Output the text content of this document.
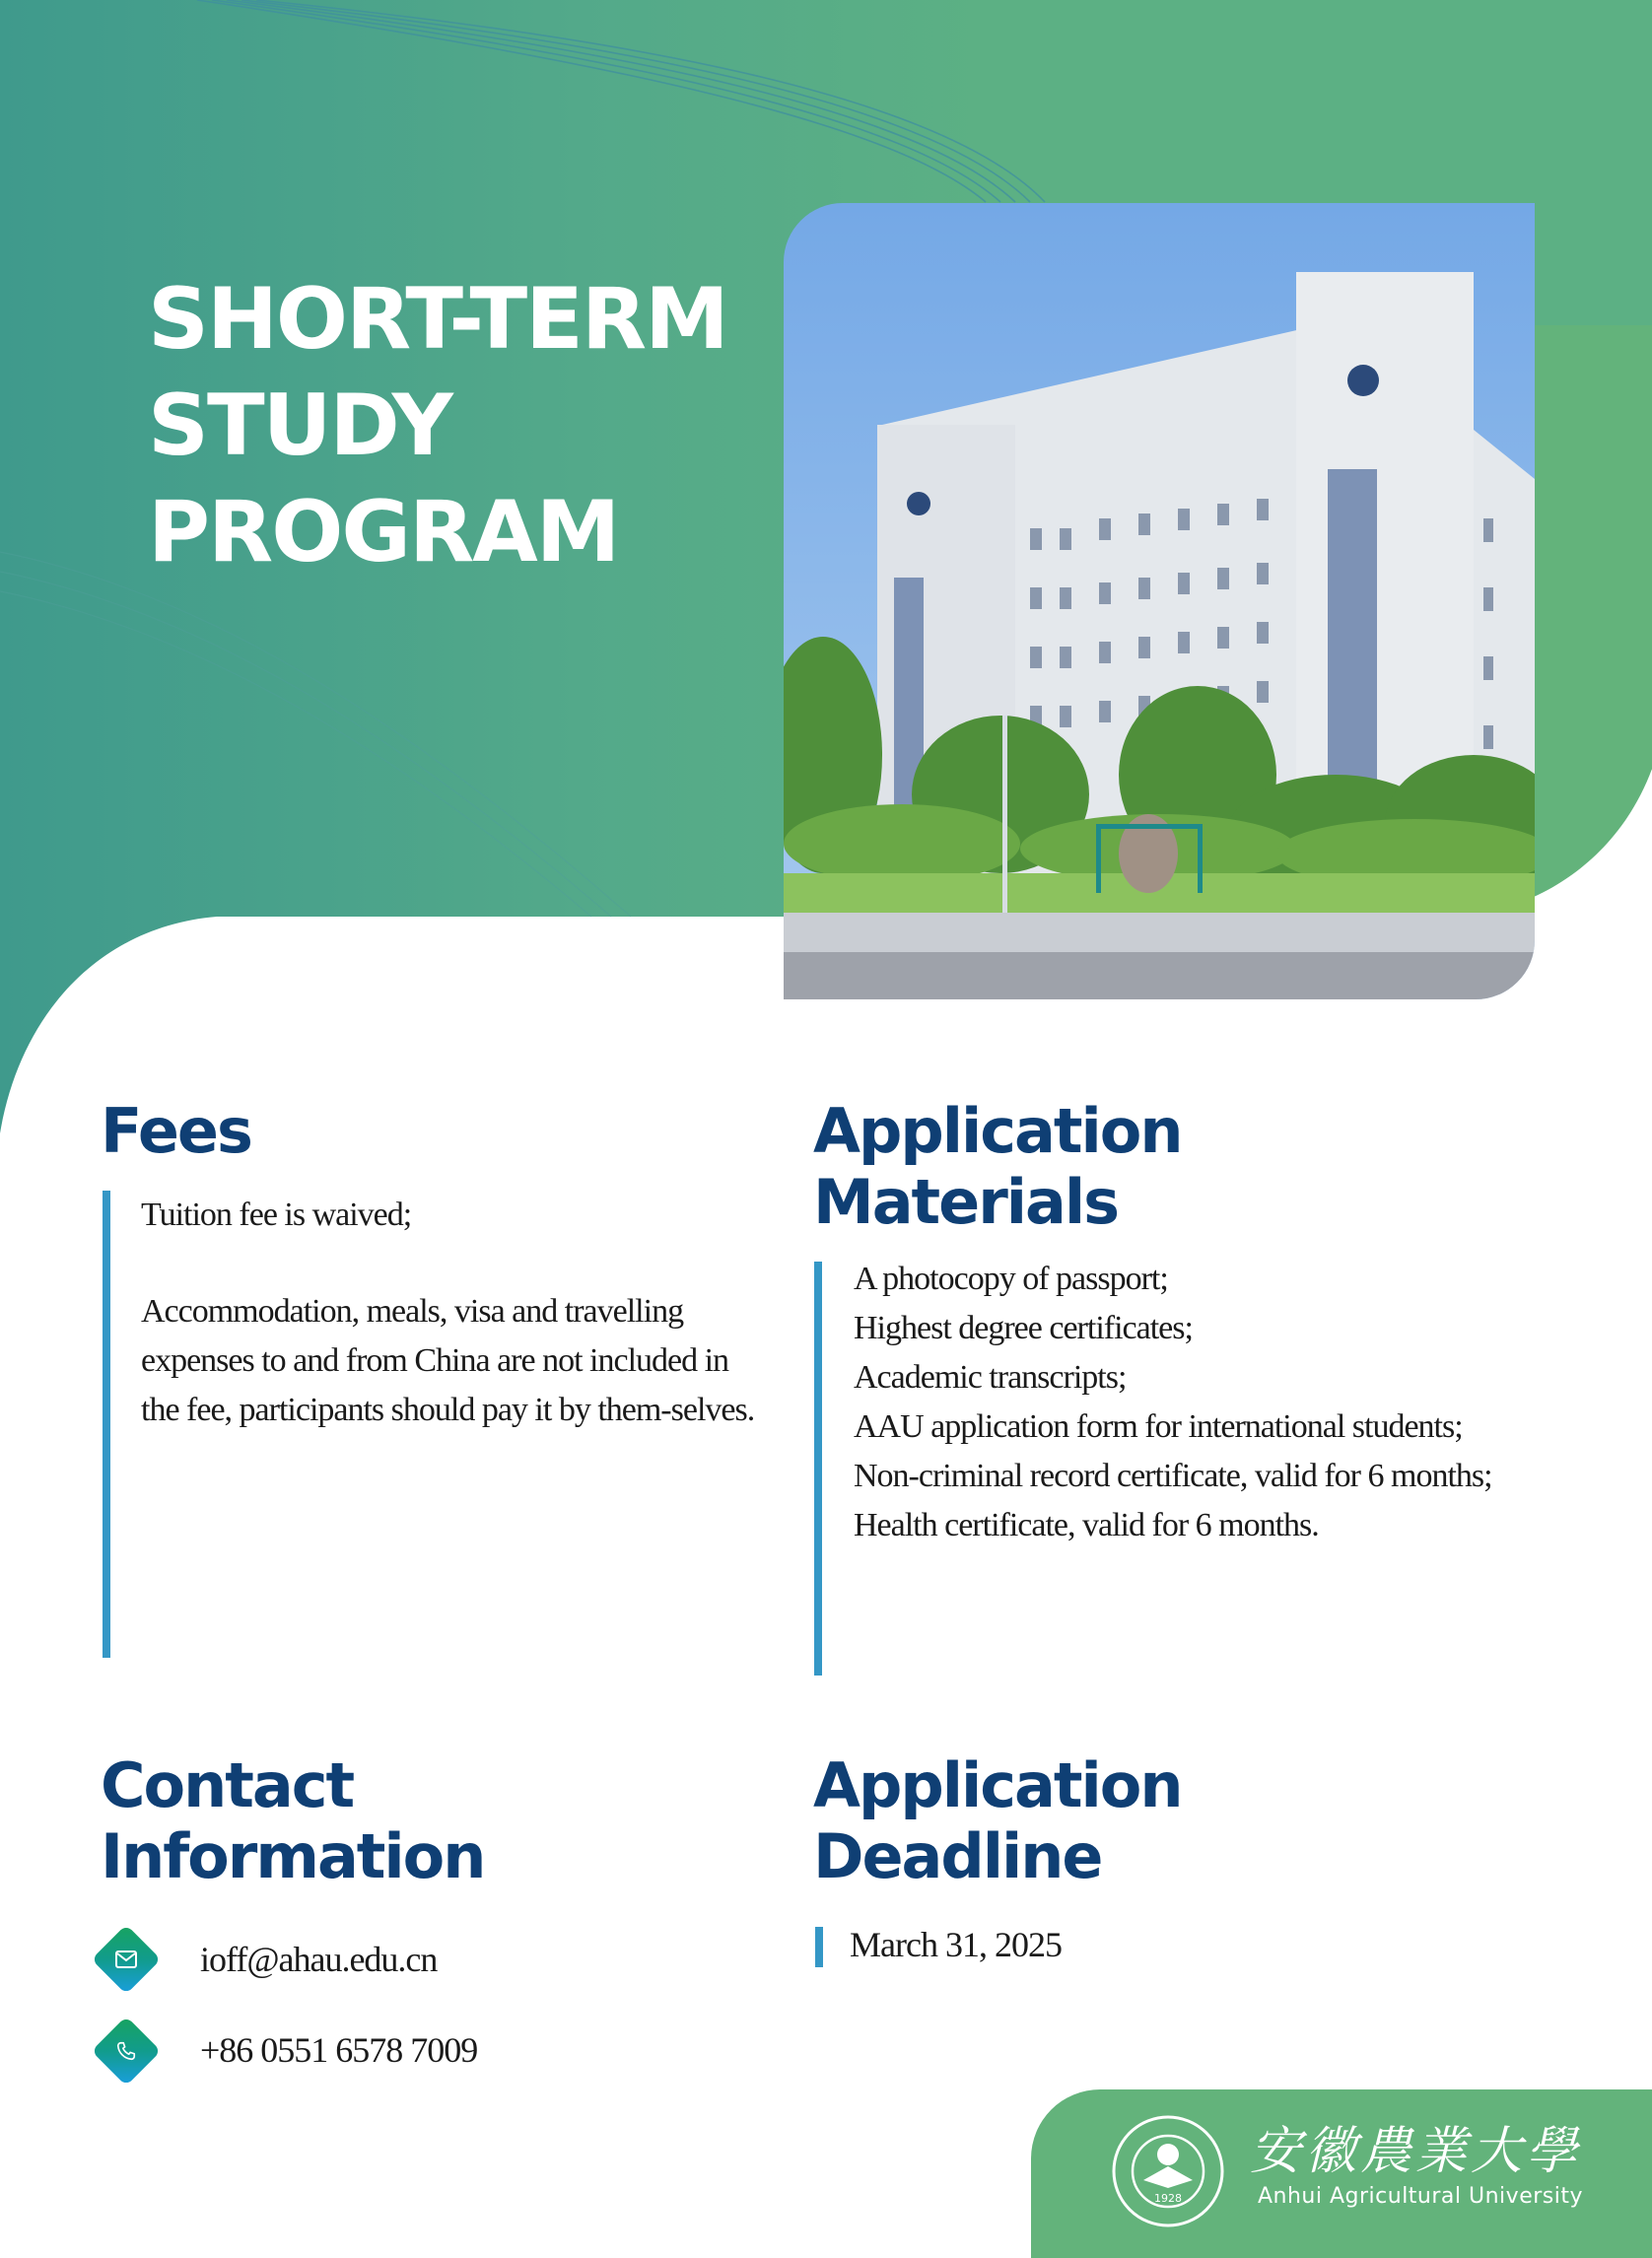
SHORT-TERM
STUDY
PROGRAM
Fees

Tuition fee is waived;

Accommodation, meals, visa and travelling expenses to and from China are not included in the fee, participants should pay it by them-selves.

Application
Materials

A photocopy of passport;

Highest degree certificates;

Academic transcripts;

AAU application form for international students;

Non-criminal record certificate, valid for 6 months;

Health certificate, valid for 6 months.

Contact
Information
ioff@ahau.edu.cn
+86 0551 6578 7009
Application
Deadline
March 31, 2025
1928
安徽農業大學
Anhui Agricultural University
